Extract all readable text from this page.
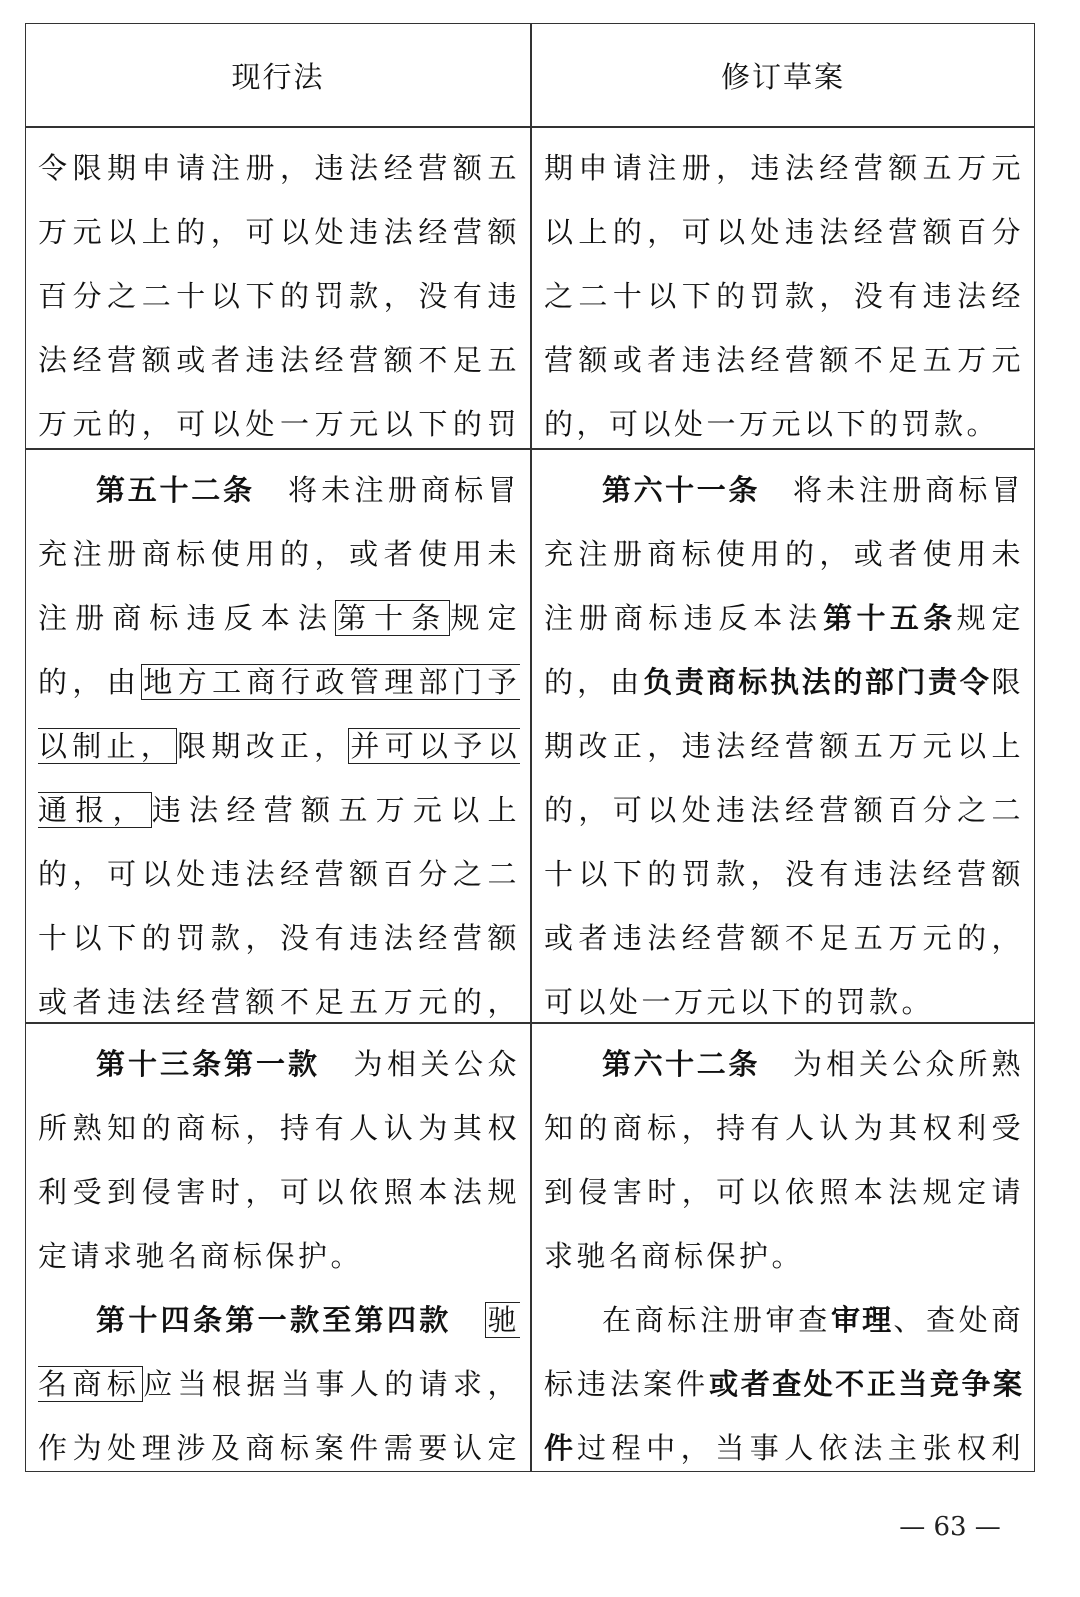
现行法	修订草案

令限期申请注册，违法经营额五万元以上的，可以处违法经营额百分之二十以下的罚款，没有违法经营额或者违法经营额不足五万元的，可以处一万元以下的罚

期申请注册，违法经营额五万元以上的，可以处违法经营额百分之二十以下的罚款，没有违法经营额或者违法经营额不足五万元的，可以处一万元以下的罚款。

第五十二条　 将未注册商标冒充注册商标使用的，或者使用未注册商标违反本法第十条规定的，由地方工商行政管理部门予以制止，限期改正，并可以予以通报，违法经营额五万元以上的，可以处违法经营额百分之二十以下的罚款，没有违法经营额或者违法经营额不足五万元的，

第六十一条　 将未注册商标冒充注册商标使用的，或者使用未注册商标违反本法第十五条规定的，由负责商标执法的部门责令限期改正，违法经营额五万元以上的，可以处违法经营额百分之二十以下的罚款，没有违法经营额或者违法经营额不足五万元的，可以处一万元以下的罚款。

第十三条第一款　 为相关公众所熟知的商标，持有人认为其权利受到侵害时，可以依照本法规定请求驰名商标保护。

第十四条第一款至第四款　 驰名商标应当根据当事人的请求，作为处理涉及商标案件需要认定

第六十二条　 为相关公众所熟知的商标，持有人认为其权利受到侵害时，可以依照本法规定请求驰名商标保护。

在商标注册审查审理、查处商标违法案件或者查处不正当竞争案件过程中，当事人依法主张权利

— 63 —
